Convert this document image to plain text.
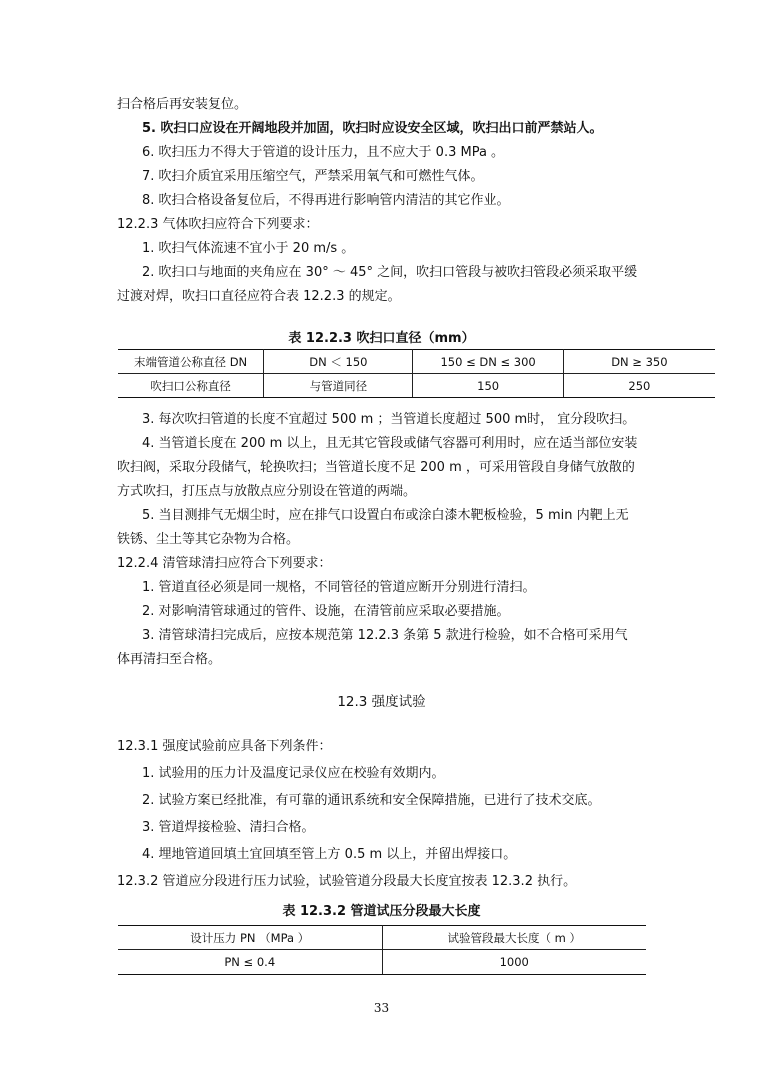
扫合格后再安装复位。
5. 吹扫口应设在开阔地段并加固，吹扫时应设安全区域，吹扫出口前严禁站人。
6. 吹扫压力不得大于管道的设计压力，且不应大于 0.3 MPa 。
7. 吹扫介质宜采用压缩空气，严禁采用氧气和可燃性气体。
8. 吹扫合格设备复位后，不得再进行影响管内清洁的其它作业。
12.2.3 气体吹扫应符合下列要求：
1. 吹扫气体流速不宜小于 20 m/s 。
2. 吹扫口与地面的夹角应在 30° ～ 45° 之间，吹扫口管段与被吹扫管段必须采取平缓
过渡对焊，吹扫口直径应符合表 12.2.3 的规定。
表 12.2.3 吹扫口直径（mm）
末端管道公称直径 DN	DN ＜ 150	150 ≤ DN ≤ 300	DN ≥ 350
吹扫口公称直径	与管道同径	150	250
3. 每次吹扫管道的长度不宜超过 500 m ；当管道长度超过 500 m时， 宜分段吹扫。
4. 当管道长度在 200 m 以上，且无其它管段或储气容器可利用时，应在适当部位安装
吹扫阀，采取分段储气，轮换吹扫；当管道长度不足 200 m ，可采用管段自身储气放散的
方式吹扫，打压点与放散点应分别设在管道的两端。
5. 当目测排气无烟尘时，应在排气口设置白布或涂白漆木靶板检验，5 min 内靶上无
铁锈、尘土等其它杂物为合格。
12.2.4 清管球清扫应符合下列要求：
1. 管道直径必须是同一规格，不同管径的管道应断开分别进行清扫。
2. 对影响清管球通过的管件、设施，在清管前应采取必要措施。
3. 清管球清扫完成后，应按本规范第 12.2.3 条第 5 款进行检验，如不合格可采用气
体再清扫至合格。
12.3 强度试验
12.3.1 强度试验前应具备下列条件：
1. 试验用的压力计及温度记录仪应在校验有效期内。
2. 试验方案已经批准，有可靠的通讯系统和安全保障措施，已进行了技术交底。
3. 管道焊接检验、清扫合格。
4. 埋地管道回填土宜回填至管上方 0.5 m 以上，并留出焊接口。
12.3.2 管道应分段进行压力试验，试验管道分段最大长度宜按表 12.3.2 执行。
表 12.3.2 管道试压分段最大长度
设计压力 PN （MPa ）	试验管段最大长度（ m ）
PN ≤ 0.4	1000
33
